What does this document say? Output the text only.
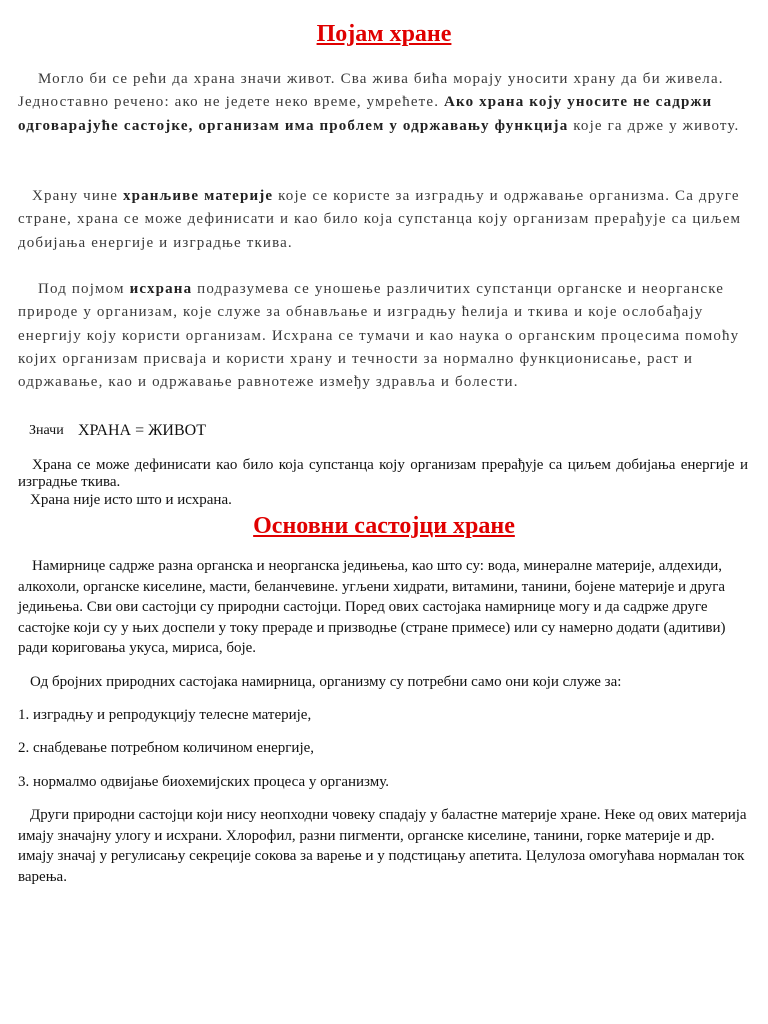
Појам хране

Могло би се рећи да храна значи живот. Сва жива бића морају уносити храну да би живела. Једноставно речено: ако не једете неко време, умрећете. Ако храна коју уносите не садржи одговарајуће састојке, организам има проблем у одржавању функција које га држе у животу.

Храну чине хранљиве материје које се користе за изградњу и одржавање организма. Са друге стране, храна се може дефинисати и као било која супстанца коју организам прерађује са циљем добијања енергије и изградње ткива.

Под појмом исхрана подразумева се уношење различитих супстанци органске и неорганске природе у организам, које служе за обнављање и изградњу ћелија и ткива и које ослобађају енергију коју користи организам. Исхрана се тумачи и као наука о органским процесима помоћу којих организам присваја и користи храну и течности за нормално функционисање, раст и одржавање, као и одржавање равнотеже између здравља и болести.

Значи ХРАНА = ЖИВОТ

Храна се може дефинисати као било која супстанца коју организам прерађује са циљем добијања енергије и изградње ткива.

Храна није исто што и исхрана.

Основни састојци хране

Намирнице садрже разна органска и неорганска једињења, као што су: вода, минералне материје, алдехиди, алкохоли, органске киселине, масти, беланчевине. угљени хидрати, витамини, танини, бојене материје и друга једињења. Сви ови састојци су природни састојци. Поред ових састојака намирнице могу и да садрже друге састојке који су у њих доспели у току прераде и призводње (стране примесе) или су намерно додати (адитиви) ради кориговања укуса, мириса, боје.

Од бројних природних састојака намирница, организму су потребни само они који служе за:

1. изградњу и репродукцију телесне материје,

2. снабдевање потребном количином енергије,

3. нормалмо одвијање биохемијских процеса у организму.

Други природни састојци који нису неопходни човеку спадају у баластне материје хране. Неке од ових материја имају значајну улогу и исхрани. Хлорофил, разни пигменти, органске киселине, танини, горке материје и др. имају значај у регулисању секреције сокова за варење и у подстицању апетита. Целулоза омогућава нормалан ток варења.
